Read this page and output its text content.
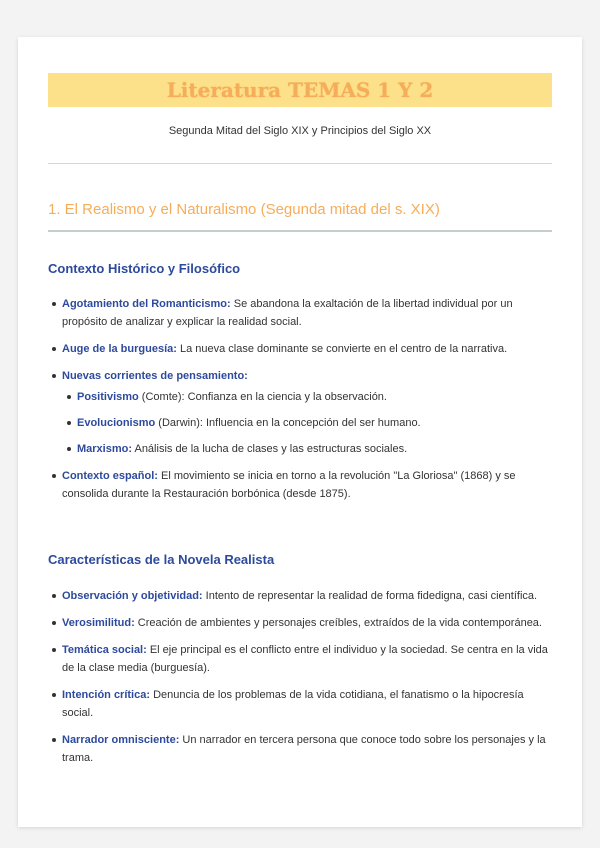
Literatura TEMAS 1 Y 2
Segunda Mitad del Siglo XIX y Principios del Siglo XX
1. El Realismo y el Naturalismo (Segunda mitad del s. XIX)
Contexto Histórico y Filosófico
Agotamiento del Romanticismo: Se abandona la exaltación de la libertad individual por un propósito de analizar y explicar la realidad social.
Auge de la burguesía: La nueva clase dominante se convierte en el centro de la narrativa.
Nuevas corrientes de pensamiento:
Positivismo (Comte): Confianza en la ciencia y la observación.
Evolucionismo (Darwin): Influencia en la concepción del ser humano.
Marxismo: Análisis de la lucha de clases y las estructuras sociales.
Contexto español: El movimiento se inicia en torno a la revolución "La Gloriosa" (1868) y se consolida durante la Restauración borbónica (desde 1875).
Características de la Novela Realista
Observación y objetividad: Intento de representar la realidad de forma fidedigna, casi científica.
Verosimilitud: Creación de ambientes y personajes creíbles, extraídos de la vida contemporánea.
Temática social: El eje principal es el conflicto entre el individuo y la sociedad. Se centra en la vida de la clase media (burguesía).
Intención crítica: Denuncia de los problemas de la vida cotidiana, el fanatismo o la hipocresía social.
Narrador omnisciente: Un narrador en tercera persona que conoce todo sobre los personajes y la trama.
